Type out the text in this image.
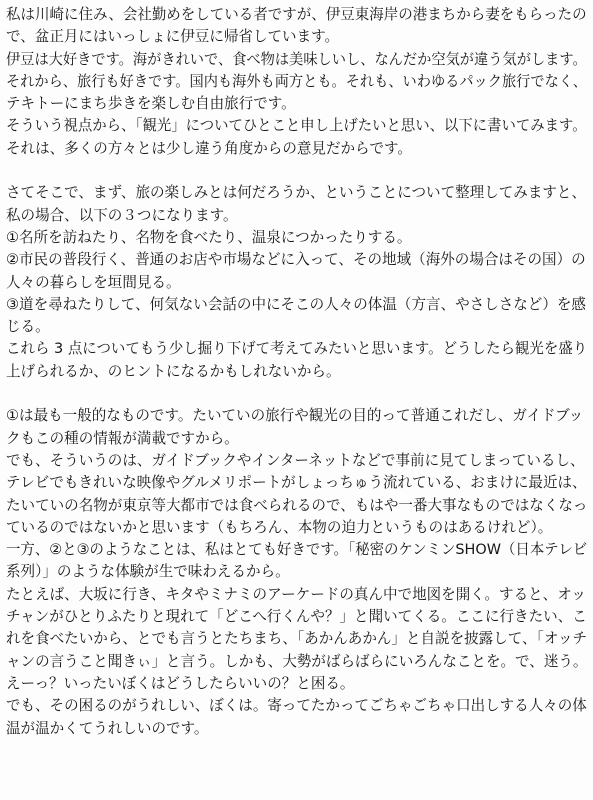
私は川崎に住み、会社勤めをしている者ですが、伊豆東海岸の港まちから妻をもらったの
で、盆正月にはいっしょに伊豆に帰省しています。
伊豆は大好きです。海がきれいで、食べ物は美味しいし、なんだか空気が違う気がします。
それから、旅行も好きです。国内も海外も両方とも。それも、いわゆるパック旅行でなく、
テキトーにまち歩きを楽しむ自由旅行です。
そういう視点から、「観光」についてひとこと申し上げたいと思い、以下に書いてみます。
それは、多くの方々とは少し違う角度からの意見だからです。
さてそこで、まず、旅の楽しみとは何だろうか、ということについて整理してみますと、
私の場合、以下の３つになります。
①名所を訪ねたり、名物を食べたり、温泉につかったりする。
②市民の普段行く、普通のお店や市場などに入って、その地域（海外の場合はその国）の
人々の暮らしを垣間見る。
③道を尋ねたりして、何気ない会話の中にそこの人々の体温（方言、やさしさなど）を感
じる。
これら 3 点についてもう少し掘り下げて考えてみたいと思います。どうしたら観光を盛り
上げられるか、のヒントになるかもしれないから。
①は最も一般的なものです。たいていの旅行や観光の目的って普通これだし、ガイドブッ
クもこの種の情報が満載ですから。
でも、そういうのは、ガイドブックやインターネットなどで事前に見てしまっているし、
テレビでもきれいな映像やグルメリポートがしょっちゅう流れている、おまけに最近は、
たいていの名物が東京等大都市では食べられるので、もはや一番大事なものではなくなっ
ているのではないかと思います（もちろん、本物の迫力というものはあるけれど）。
一方、②と③のようなことは、私はとても好きです。「秘密のケンミンSHOW（日本テレビ
系列）」のような体験が生で味わえるから。
たとえば、大坂に行き、キタやミナミのアーケードの真ん中で地図を開く。すると、オッ
チャンがひとりふたりと現れて「どこへ行くんや？」と聞いてくる。ここに行きたい、こ
れを食べたいから、とでも言うとたちまち、「あかんあかん」と自説を披露して、「オッチ
ャンの言うこと聞きぃ」と言う。しかも、大勢がばらばらにいろんなことを。で、迷う。
えーっ？いったいぼくはどうしたらいいの？と困る。
でも、その困るのがうれしい、ぼくは。寄ってたかってごちゃごちゃ口出しする人々の体
温が温かくてうれしいのです。
